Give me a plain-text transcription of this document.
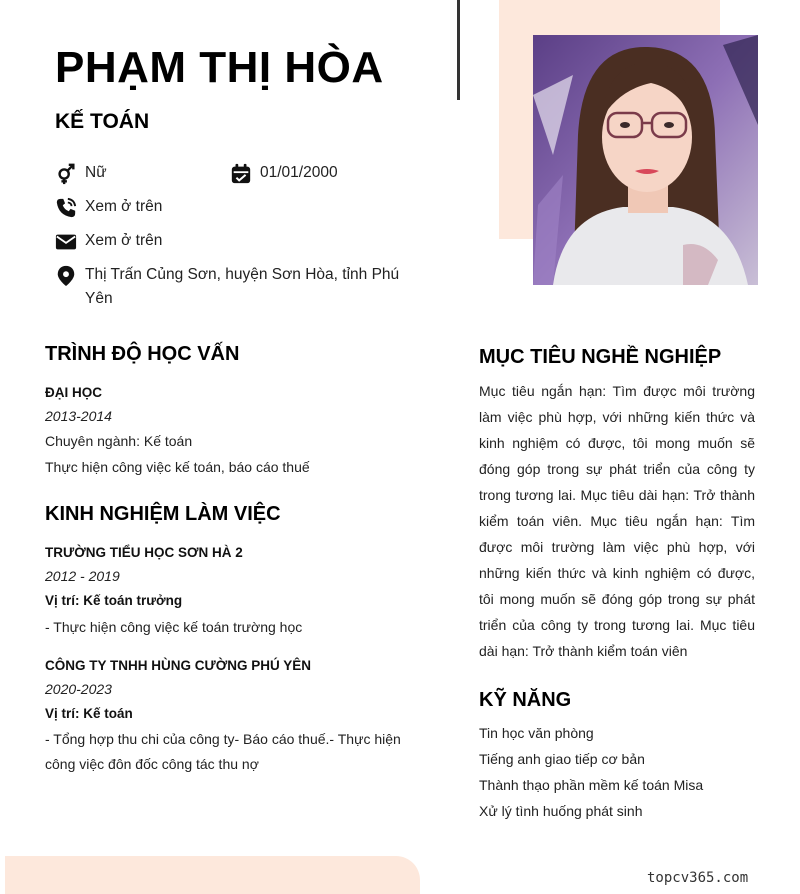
PHẠM THỊ HÒA
KẾ TOÁN
Nữ	01/01/2000
Xem ở trên
Xem ở trên
Thị Trấn Củng Sơn, huyện Sơn Hòa, tỉnh Phú Yên
TRÌNH ĐỘ HỌC VẤN
ĐẠI HỌC
2013-2014
Chuyên ngành: Kế toán
Thực hiện công việc kế toán, báo cáo thuế
KINH NGHIỆM LÀM VIỆC
TRƯỜNG TIỂU HỌC SƠN HÀ 2
2012 - 2019
Vị trí: Kế toán trưởng
- Thực hiện công việc kế toán trường học
CÔNG TY TNHH HÙNG CƯỜNG PHÚ YÊN
2020-2023
Vị trí: Kế toán
- Tổng hợp thu chi của công ty- Báo cáo thuế.- Thực hiện công việc đôn đốc công tác thu nợ
MỤC TIÊU NGHỀ NGHIỆP
Mục tiêu ngắn hạn: Tìm được môi trường làm việc phù hợp, với những kiến thức và kinh nghiệm có được, tôi mong muốn sẽ đóng góp trong sự phát triển của công ty trong tương lai. Mục tiêu dài hạn: Trở thành kiểm toán viên. Mục tiêu ngắn hạn: Tìm được môi trường làm việc phù hợp, với những kiến thức và kinh nghiệm có được, tôi mong muốn sẽ đóng góp trong sự phát triển của công ty trong tương lai. Mục tiêu dài hạn: Trở thành kiểm toán viên
KỸ NĂNG
Tin học văn phòng
Tiếng anh giao tiếp cơ bản
Thành thạo phần mềm kế toán Misa
Xử lý tình huống phát sinh
topcv365.com
